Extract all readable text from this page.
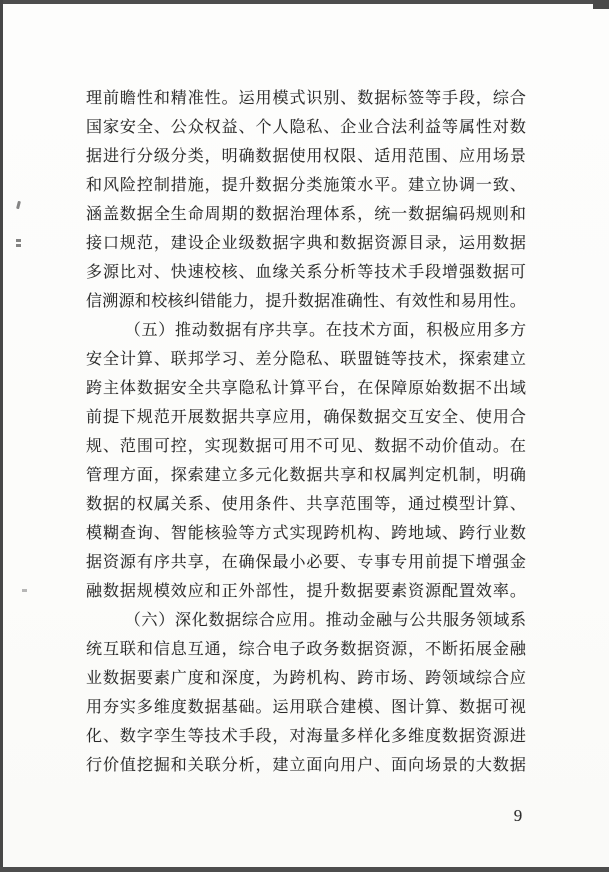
理 前 瞻 性 和 精 准 性 。 运 用 模 式 识 别 、 数 据 标 签 等 手 段 ， 综 合
国 家 安 全 、 公 众 权 益 、 个 人 隐 私 、 企 业 合 法 利 益 等 属 性 对 数
据 进 行 分 级 分 类 ， 明 确 数 据 使 用 权 限 、 适 用 范 围 、 应 用 场 景
和 风 险 控 制 措 施 ， 提 升 数 据 分 类 施 策 水 平 。 建 立 协 调 一 致 、
涵 盖 数 据 全 生 命 周 期 的 数 据 治 理 体 系 ， 统 一 数 据 编 码 规 则 和
接 口 规 范 ， 建 设 企 业 级 数 据 字 典 和 数 据 资 源 目 录 ， 运 用 数 据
多 源 比 对 、 快 速 校 核 、 血 缘 关 系 分 析 等 技 术 手 段 增 强 数 据 可
信 溯 源 和 校 核 纠 错 能 力 ， 提 升 数 据 准 确 性 、 有 效 性 和 易 用 性 。
（ 五 ） 推 动 数 据 有 序 共 享 。 在 技 术 方 面 ， 积 极 应 用 多 方
安 全 计 算 、 联 邦 学 习 、 差 分 隐 私 、 联 盟 链 等 技 术 ， 探 索 建 立
跨 主 体 数 据 安 全 共 享 隐 私 计 算 平 台 ， 在 保 障 原 始 数 据 不 出 域
前 提 下 规 范 开 展 数 据 共 享 应 用 ， 确 保 数 据 交 互 安 全 、 使 用 合
规 、 范 围 可 控 ， 实 现 数 据 可 用 不 可 见 、 数 据 不 动 价 值 动 。 在
管 理 方 面 ， 探 索 建 立 多 元 化 数 据 共 享 和 权 属 判 定 机 制 ， 明 确
数 据 的 权 属 关 系 、 使 用 条 件 、 共 享 范 围 等 ， 通 过 模 型 计 算 、
模 糊 查 询 、 智 能 核 验 等 方 式 实 现 跨 机 构 、 跨 地 域 、 跨 行 业 数
据 资 源 有 序 共 享 ， 在 确 保 最 小 必 要 、 专 事 专 用 前 提 下 增 强 金
融 数 据 规 模 效 应 和 正 外 部 性 ， 提 升 数 据 要 素 资 源 配 置 效 率 。
（ 六 ） 深 化 数 据 综 合 应 用 。 推 动 金 融 与 公 共 服 务 领 域 系
统 互 联 和 信 息 互 通 ， 综 合 电 子 政 务 数 据 资 源 ， 不 断 拓 展 金 融
业 数 据 要 素 广 度 和 深 度 ， 为 跨 机 构 、 跨 市 场 、 跨 领 域 综 合 应
用 夯 实 多 维 度 数 据 基 础 。 运 用 联 合 建 模 、 图 计 算 、 数 据 可 视
化 、 数 字 孪 生 等 技 术 手 段 ， 对 海 量 多 样 化 多 维 度 数 据 资 源 进
行 价 值 挖 掘 和 关 联 分 析 ， 建 立 面 向 用 户 、 面 向 场 景 的 大 数 据
9
